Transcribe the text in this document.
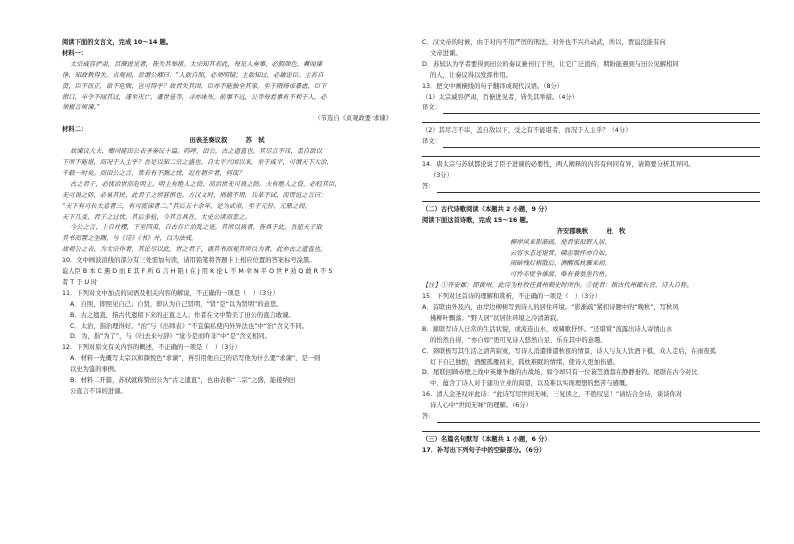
阅读下面的文言文，完成 10～14 题。
材料一：
太宗威容俨肃，百僚进见者，皆失其举措。太宗知其若此，每见人奏事，必假颜色，冀闻谏
诤，知政教得失。贞观初，尝谓公卿曰：“人欲自照，必须明镜；主欲知过，必藉忠臣。主若自
贤，臣不匡正，欲不危败，岂可得乎？故君失其国，臣亦不能独全其家。至于隋炀帝暴虐，臣下
钳口，卒令不闻其过，遂至灭亡，虞世基等，寻亦诛死。前事不远，公等每看事有不利于人，必
须极言规谏。”
（节选自《贞观政要·求谏》
材料二：
田表圣奏议叙	苏　轼
故谏议大夫、赠司徒田公表圣奏议十篇。呜呼，田公，古之遗直也。其尽言不讳，盖自敌以
下所不能堪，而况于人主乎？吾是以知二宗之盛也。自太平兴国以来，至于咸平，可谓天下大治，
千载一时矣。而田公之言，常若有不测之忧，近在朝夕者，何哉？
古之君子，必忧治世而危明主。明主有绝人之资，而治世无可畏之防。夫有绝人之资，必轻其臣，
无可畏之防，必易其民，此君子之所甚惧也。方汉文时，刑措不用，兵革不试，而贾谊之言曰：
“天下有可长太息者三，有可流涕者二。”其后五十余年，是为武帝，至于元狩、元鼎之间，
天下几变，君子之过忧，其后多验，今其言具在，太史公读而悲之。
今公之言，上自社稷，下至四夷，自古存亡治乱之迹，其所以畏者，皆具于此。吾愿天子取
其书而置之坐隅，与《诗》《书》并，以为法戒。
故观公之表，为太宗作者，其论尽以此。世之君子，诵其书而观其所以为者，此亦古之遗直也。
10．文中画波浪线的部分有三处需加句读，请用铅笔将答题卡上相应位置的答案标号涂黑。
谊人臣 B 本 C 遇 D 而 E 其 F 所 G 言 H 陷 I 在 J 用 K 论 L 不 M 幸 N 平 O 世 P 劝 Q 敢 R 不 S
者 T 于 U 时
11．下列对文中加点的词语及相关内容的解说，不正确的一项是（　）（3分）
A．自照，即照见自己；自贤，即认为自己贤明，“贤”是“以为贤明”的意思。
B．古之遗直，指古代遗留下来的正直之人；作者在文中赞美了田公的直言敢谏。
C．太治，指治理得好。“治”与《出师表》“不宜偏私使内外异法也”中“治”含义不同。
D．为，指“为了”，与《归去来兮辞》“觉今是而昨非”中“是”含义相同。
12．下列对原文有关内容的概述，不正确的一项是（　）（3分）
A．材料一先概写太宗以和颜悦色“求谏”，再引用他自己的话写他为什么要“求谏”，是一则
以史为鉴的事例。
B．材料二开篇，苏轼就称赞田公为“古之遗直”，也由表称“二宗”之盛，能接纳田
公直言不讳的进谏。
C．汉文帝的时候，由于对内不用严厉的刑法，对外也不兴兵动武，所以，贾谊没能有向
文帝进谏。
D．苏轼认为学者要得到田公的奏议兼刊行于世，让它广泛流传，期盼能遇到与田公见解相同
的人，让奏议得以发挥作用。
13．把文中画横线的句子翻译成现代汉语。（8分）
（1）太宗威容俨肃，百僚进见者，皆失其举措。（4分）
译文：
（2）其尽言不讳，盖自敌以下，受之有不能堪者，而况于人主乎？（4分）
译文：
14．唐太宗与苏轼都论说了臣子进谏的必要性，两人阐释的内容有何同有异，请简要分析其异同。
（3分）
答：
（二）古代诗歌阅读（本题共 2 小题，9 分）
阅读下面这首诗歌，完成 15～16 题。
齐安郡晚秋	杜　牧
柳岸风来影渐疏，使君家似野人居。
云容水态还堪赏，啸志歌怀亦自如。
雨暗残灯棋散后，酒醒孤枕雁来初。
可怜赤壁争雄渡，唯有蓑翁坐钓鱼。
【注】①齐安郡：即黄州。此诗为杜牧任黄州刺史时所作。②使君：指古代州郡长官，诗人自称。
15．下列对这首诗的理解和赏析，不正确的一项是（　）（3分）
A．首联由外及内，由岸边柳树写到诗人的居住环境。“影渐疏”紧扣诗题中的“晚秋”，写秋风
拂柳叶飘落；“野人居”状居住环境之冷清萧寂。
B．颔联写诗人日常的生活状貌，或流连山水，或啸歌抒怀。“还堪赏”流露出诗人寄情山水
的怡然自得，“亦自如”更可见诗人悠然自足、乐在其中的意趣。
C．颈联极写其生活之清苦寂寞，写诗人消遣排遣秋夜的情景，诗人与友人饮酒下棋，众人走后，在雨夜孤
灯下自己独酌，酒醒孤雁初来，孤枕难眠的情绪，使诗人更加伤感。
D．尾联回顾赤壁之战中英雄争雄的古战场，如今却只有一位蓑笠渔翁在静静垂钓。尾联在古今对比
中，蕴含了诗人对于建功立业的渴望，以及难以实现理想的愁苦与感慨。
16．清人金圣叹评此诗：“此诗写尽世间无味，三复读之，不胜叹息！”请结合全诗，谈谈你对
诗人心中“世间无味”的理解。（6分）
答：
（三）名篇名句默写（本题共 1 小题，6 分）
17．补写出下列句子中的空缺部分。（6分）
